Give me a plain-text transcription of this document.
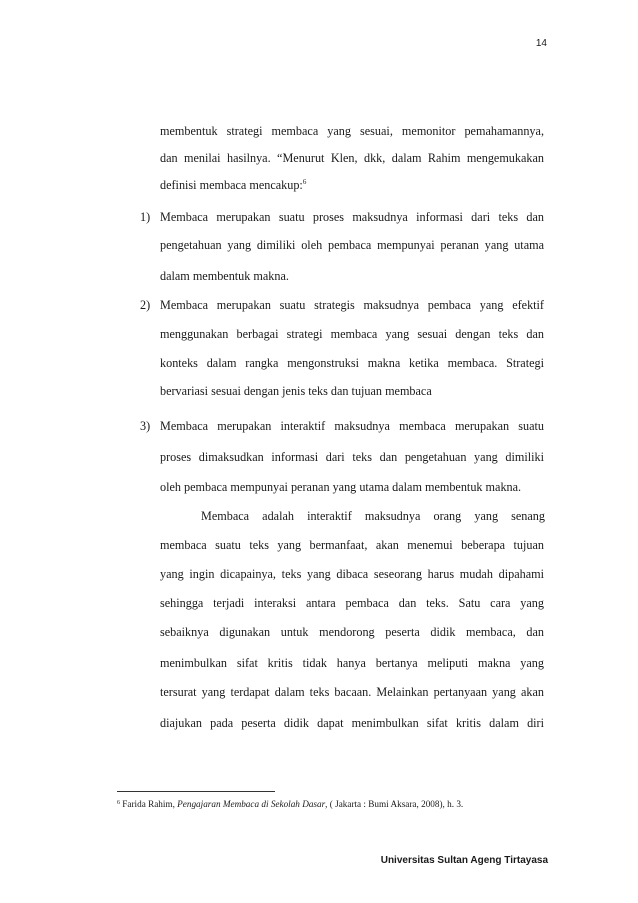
14
membentuk strategi membaca yang sesuai, memonitor pemahamannya,
dan menilai hasilnya. “Menurut Klen, dkk, dalam Rahim mengemukakan
definisi membaca mencakup:$^6$
1) Membaca merupakan suatu proses maksudnya informasi dari teks dan
pengetahuan yang dimiliki oleh pembaca mempunyai peranan yang utama
dalam membentuk makna.
2) Membaca merupakan suatu strategis maksudnya pembaca yang efektif
menggunakan berbagai strategi membaca yang sesuai dengan teks dan
konteks dalam rangka mengonstruksi makna ketika membaca. Strategi
bervariasi sesuai dengan jenis teks dan tujuan membaca
3) Membaca merupakan interaktif maksudnya membaca merupakan suatu
proses dimaksudkan informasi dari teks dan pengetahuan yang dimiliki
oleh pembaca mempunyai peranan yang utama dalam membentuk makna.
Membaca adalah interaktif maksudnya orang yang senang
membaca suatu teks yang bermanfaat, akan menemui beberapa tujuan
yang ingin dicapainya, teks yang dibaca seseorang harus mudah dipahami
sehingga terjadi interaksi antara pembaca dan teks. Satu cara yang
sebaiknya digunakan untuk mendorong peserta didik membaca, dan
menimbulkan sifat kritis tidak hanya bertanya meliputi makna yang
tersurat yang terdapat dalam teks bacaan. Melainkan pertanyaan yang akan
diajukan pada peserta didik dapat menimbulkan sifat kritis dalam diri
$^6$ Farida Rahim, Pengajaran Membaca di Sekolah Dasar, ( Jakarta : Bumi Aksara, 2008), h. 3.
Universitas Sultan Ageng Tirtayasa
